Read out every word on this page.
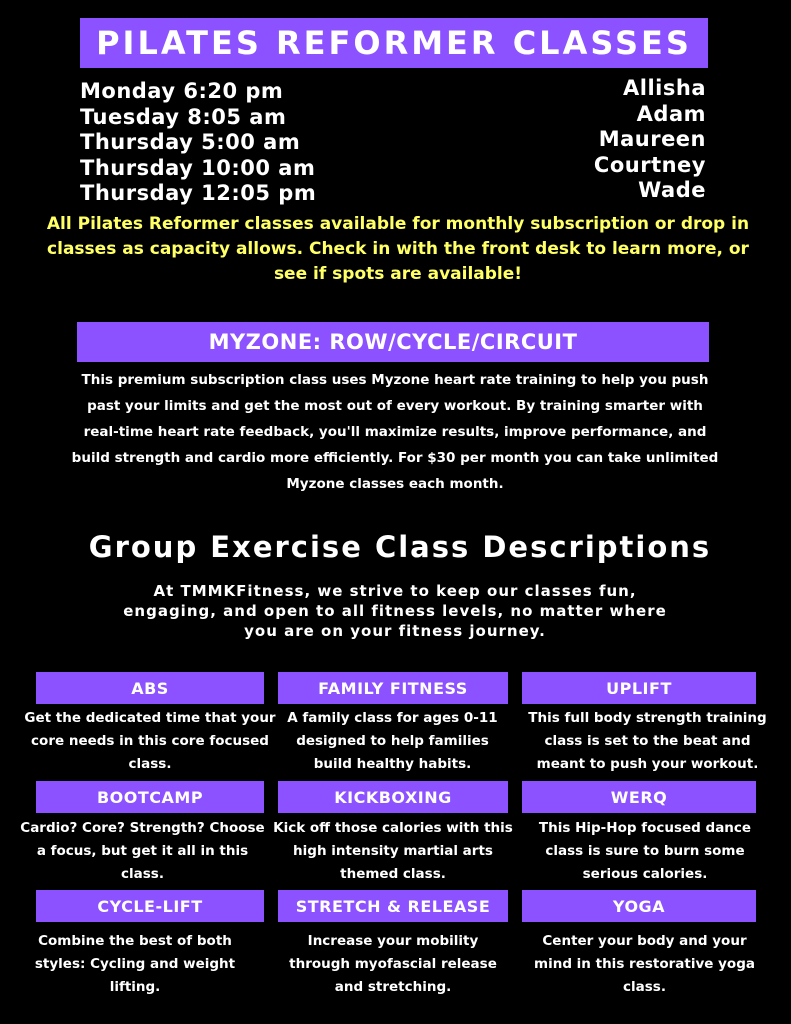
PILATES REFORMER CLASSES
Monday 6:20 pm
Tuesday 8:05 am
Thursday 5:00 am
Thursday 10:00 am
Thursday 12:05 pm
Allisha
Adam
Maureen
Courtney
Wade
All Pilates Reformer classes available for monthly subscription or drop in classes as capacity allows. Check in with the front desk to learn more, or see if spots are available!
MYZONE: ROW/CYCLE/CIRCUIT
This premium subscription class uses Myzone heart rate training to help you push past your limits and get the most out of every workout. By training smarter with real-time heart rate feedback, you'll maximize results, improve performance, and build strength and cardio more efficiently. For $30 per month you can take unlimited Myzone classes each month.
Group Exercise Class Descriptions
At TMMKFitness, we strive to keep our classes fun, engaging, and open to all fitness levels, no matter where you are on your fitness journey.
ABS
Get the dedicated time that your core needs in this core focused class.
FAMILY FITNESS
A family class for ages 0-11 designed to help families build healthy habits.
UPLIFT
This full body strength training class is set to the beat and meant to push your workout.
BOOTCAMP
Cardio? Core? Strength? Choose a focus, but get it all in this class.
KICKBOXING
Kick off those calories with this high intensity martial arts themed class.
WERQ
This Hip-Hop focused dance class is sure to burn some serious calories.
CYCLE-LIFT
Combine the best of both styles: Cycling and weight lifting.
STRETCH & RELEASE
Increase your mobility through myofascial release and stretching.
YOGA
Center your body and your mind in this restorative yoga class.
